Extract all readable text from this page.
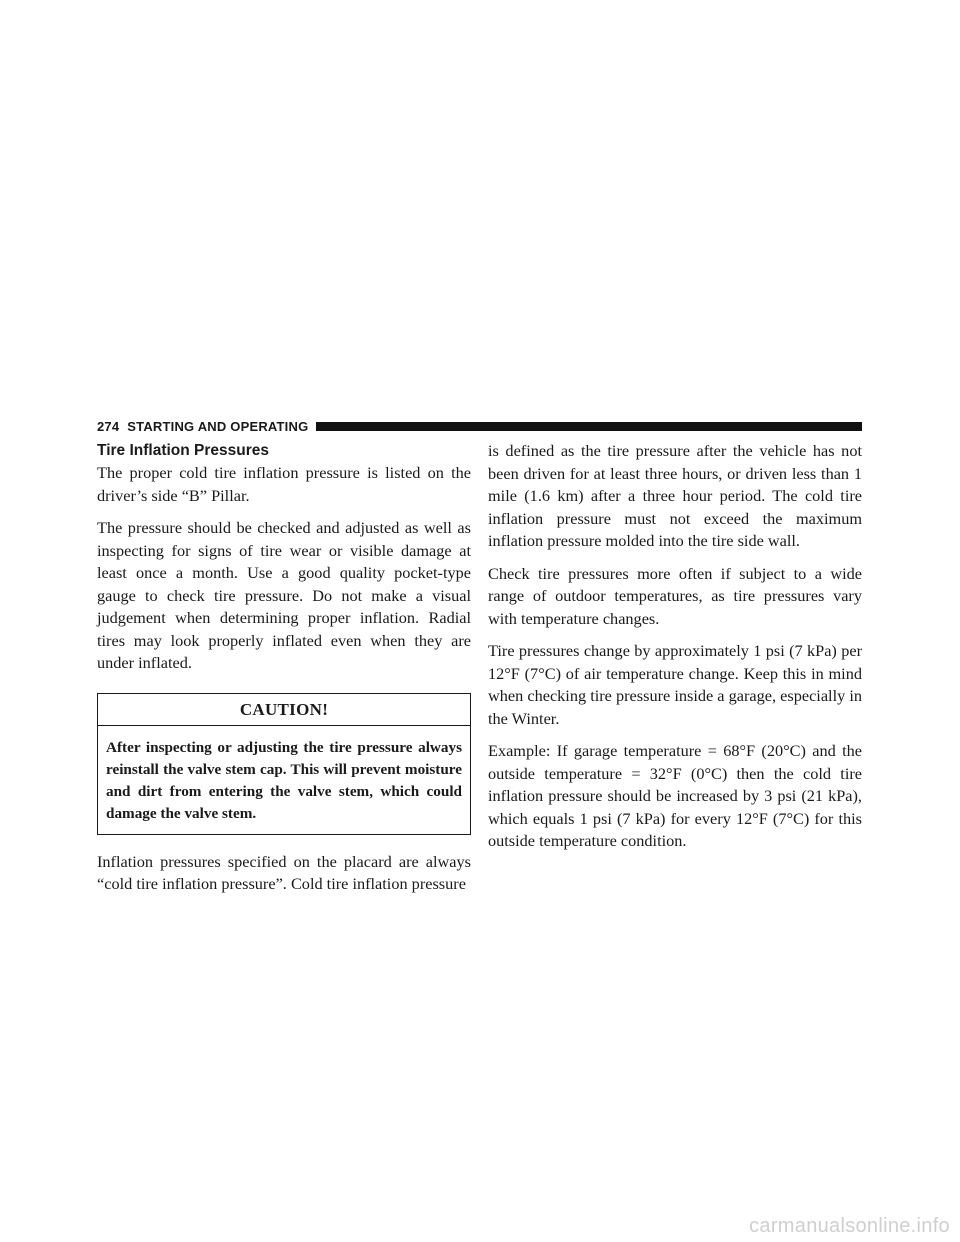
274 STARTING AND OPERATING
Tire Inflation Pressures

The proper cold tire inflation pressure is listed on the driver’s side “B” Pillar.

The pressure should be checked and adjusted as well as inspecting for signs of tire wear or visible damage at least once a month. Use a good quality pocket-type gauge to check tire pressure. Do not make a visual judgement when determining proper inflation. Radial tires may look properly inflated even when they are under inflated.

CAUTION!
After inspecting or adjusting the tire pressure always reinstall the valve stem cap. This will prevent moisture and dirt from entering the valve stem, which could damage the valve stem.

Inflation pressures specified on the placard are always “cold tire inflation pressure”. Cold tire inflation pressure

is defined as the tire pressure after the vehicle has not been driven for at least three hours, or driven less than 1 mile (1.6 km) after a three hour period. The cold tire inflation pressure must not exceed the maximum inflation pressure molded into the tire side wall.

Check tire pressures more often if subject to a wide range of outdoor temperatures, as tire pressures vary with temperature changes.

Tire pressures change by approximately 1 psi (7 kPa) per 12°F (7°C) of air temperature change. Keep this in mind when checking tire pressure inside a garage, especially in the Winter.

Example: If garage temperature = 68°F (20°C) and the outside temperature = 32°F (0°C) then the cold tire inflation pressure should be increased by 3 psi (21 kPa), which equals 1 psi (7 kPa) for every 12°F (7°C) for this outside temperature condition.

carmanualsonline.info
